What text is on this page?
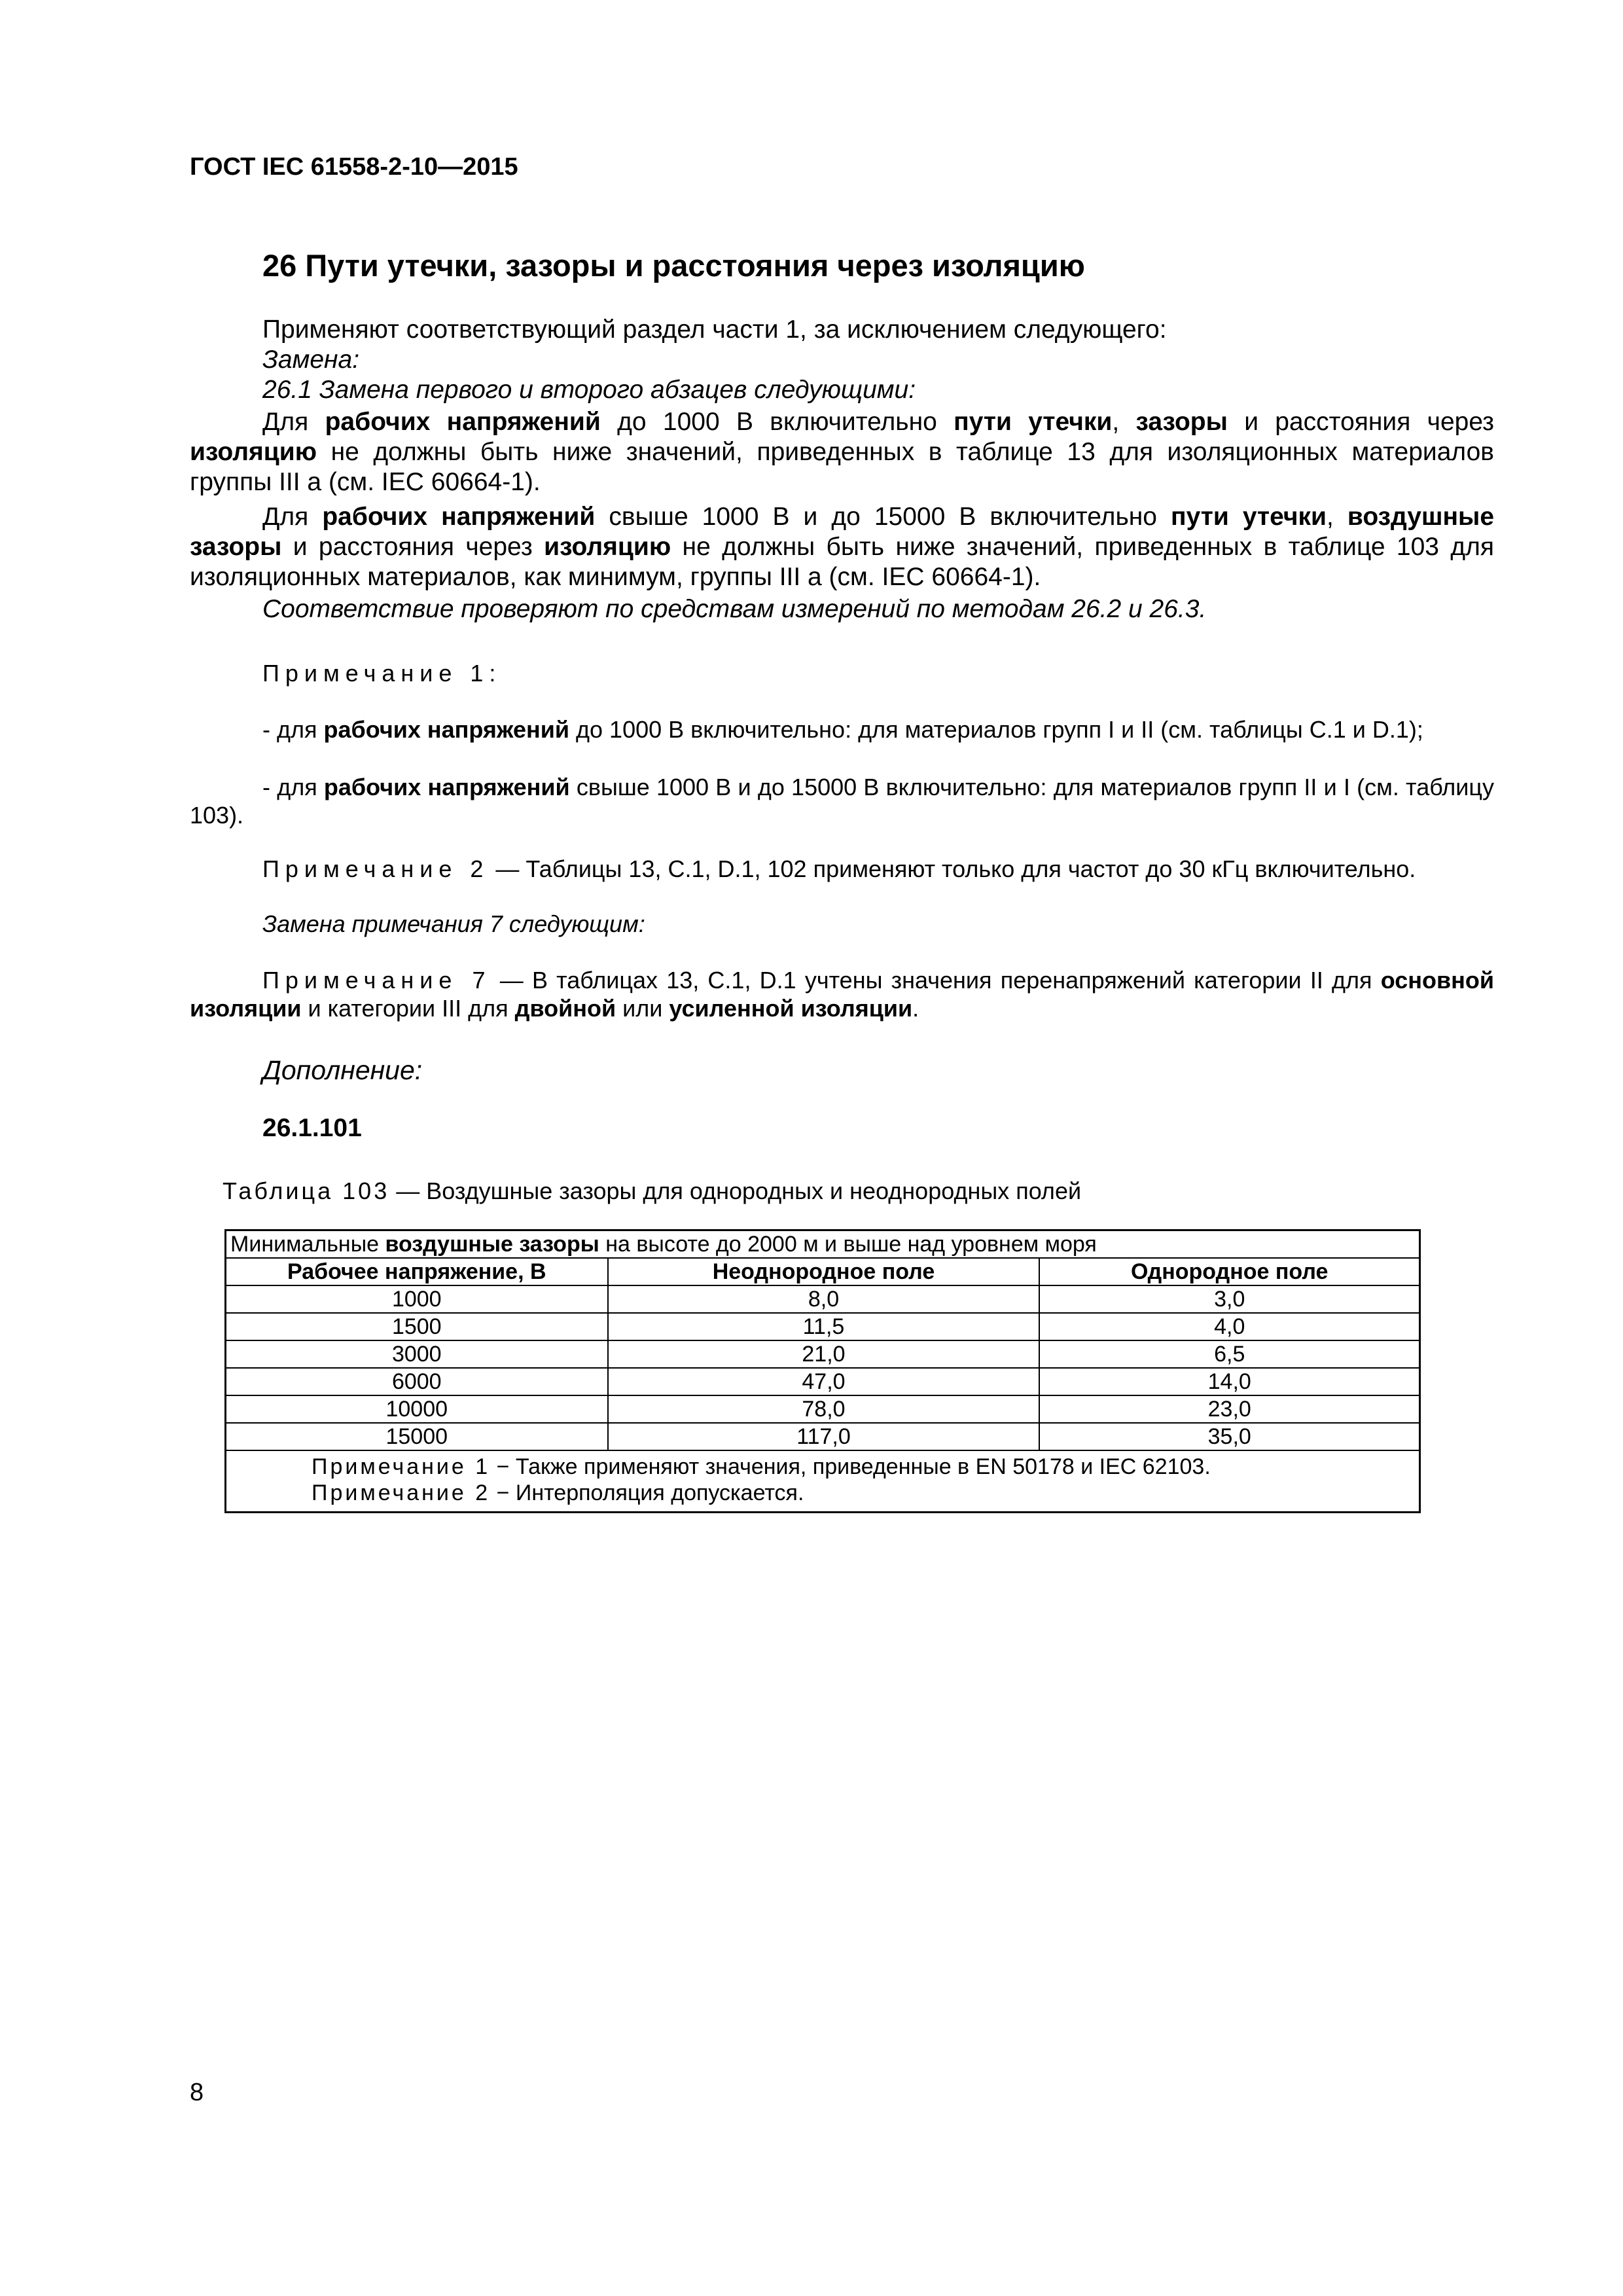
ГОСТ IEC 61558-2-10—2015
26 Пути утечки, зазоры и расстояния через изоляцию
Применяют соответствующий раздел части 1, за исключением следующего:
Замена:
26.1 Замена первого и второго абзацев следующими:
Для рабочих напряжений до 1000 В включительно пути утечки, зазоры и расстояния через изоляцию не должны быть ниже значений, приведенных в таблице 13 для изоляционных материалов группы III а (см. IEC 60664-1).
Для рабочих напряжений свыше 1000 В и до 15000 В включительно пути утечки, воздушные зазоры и расстояния через изоляцию не должны быть ниже значений, приведенных в таблице 103 для изоляционных материалов, как минимум, группы III а (см. IEC 60664-1).
Соответствие проверяют по средствам измерений по методам 26.2 и 26.3.
Примечание 1:
- для рабочих напряжений до 1000 В включительно: для материалов групп I и II (см. таблицы С.1 и D.1);
- для рабочих напряжений свыше 1000 В и до 15000 В включительно: для материалов групп II и I (см. таблицу 103).
Примечание 2 — Таблицы 13, С.1, D.1, 102 применяют только для частот до 30 кГц включительно.
Замена примечания 7 следующим:
Примечание 7 — В таблицах 13, С.1, D.1 учтены значения перенапряжений категории II для основной изоляции и категории III для двойной или усиленной изоляции.
Дополнение:
26.1.101
Таблица 103 — Воздушные зазоры для однородных и неоднородных полей
Минимальные воздушные зазоры на высоте до 2000 м и выше над уровнем моря		
Рабочее напряжение, В	Неоднородное поле	Однородное поле
1000	8,0	3,0
1500	11,5	4,0
3000	21,0	6,5
6000	47,0	14,0
10000	78,0	23,0
15000	117,0	35,0

Примечание 1 − Также применяют значения, приведенные в EN 50178 и IEC 62103.
Примечание 2 − Интерполяция допускается.		
8
